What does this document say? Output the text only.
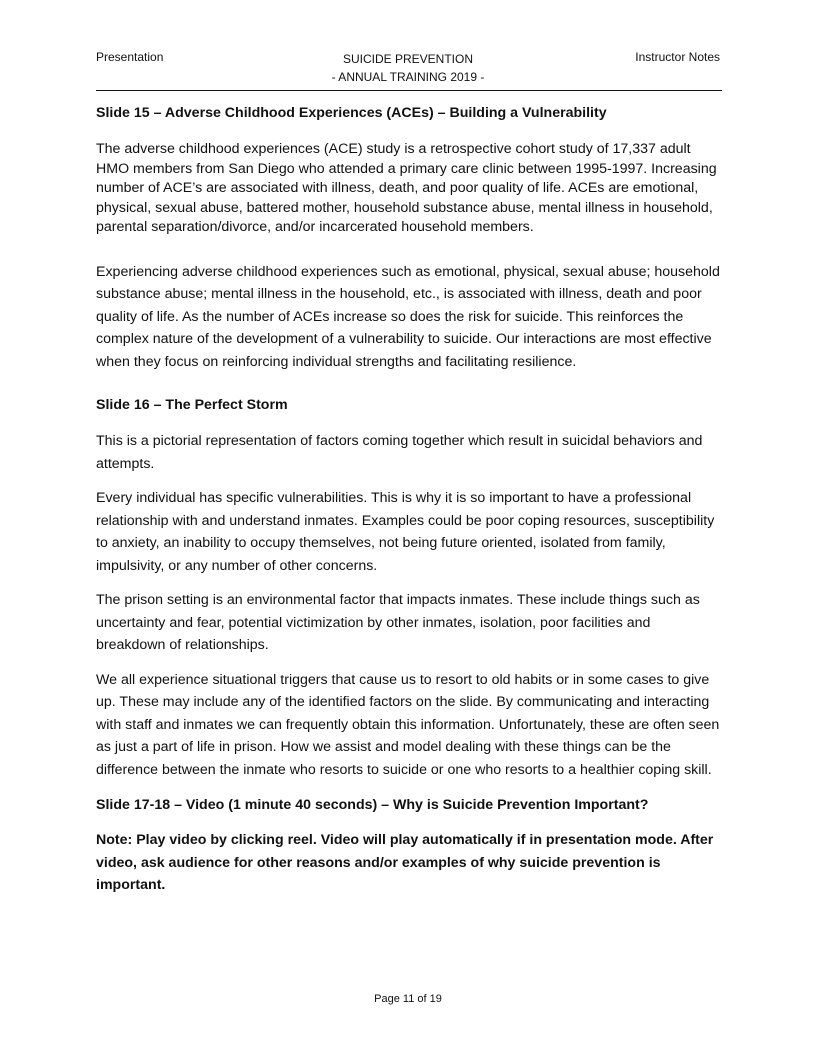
Presentation	SUICIDE PREVENTION
- ANNUAL TRAINING 2019 -
Instructor Notes

Slide 15 – Adverse Childhood Experiences (ACEs) – Building a Vulnerability

The adverse childhood experiences (ACE) study is a retrospective cohort study of 17,337 adult HMO members from San Diego who attended a primary care clinic between 1995-1997. Increasing number of ACE’s are associated with illness, death, and poor quality of life. ACEs are emotional, physical, sexual abuse, battered mother, household substance abuse, mental illness in household, parental separation/divorce, and/or incarcerated household members.

Experiencing adverse childhood experiences such as emotional, physical, sexual abuse; household substance abuse; mental illness in the household, etc., is associated with illness, death and poor quality of life. As the number of ACEs increase so does the risk for suicide. This reinforces the complex nature of the development of a vulnerability to suicide. Our interactions are most effective when they focus on reinforcing individual strengths and facilitating resilience.

Slide 16 – The Perfect Storm

This is a pictorial representation of factors coming together which result in suicidal behaviors and attempts.

Every individual has specific vulnerabilities. This is why it is so important to have a professional relationship with and understand inmates. Examples could be poor coping resources, susceptibility to anxiety, an inability to occupy themselves, not being future oriented, isolated from family, impulsivity, or any number of other concerns.

The prison setting is an environmental factor that impacts inmates. These include things such as uncertainty and fear, potential victimization by other inmates, isolation, poor facilities and breakdown of relationships.

We all experience situational triggers that cause us to resort to old habits or in some cases to give up. These may include any of the identified factors on the slide. By communicating and interacting with staff and inmates we can frequently obtain this information. Unfortunately, these are often seen as just a part of life in prison. How we assist and model dealing with these things can be the difference between the inmate who resorts to suicide or one who resorts to a healthier coping skill.

Slide 17-18 – Video (1 minute 40 seconds) – Why is Suicide Prevention Important?

Note: Play video by clicking reel. Video will play automatically if in presentation mode. After video, ask audience for other reasons and/or examples of why suicide prevention is important.

Page 11 of 19
